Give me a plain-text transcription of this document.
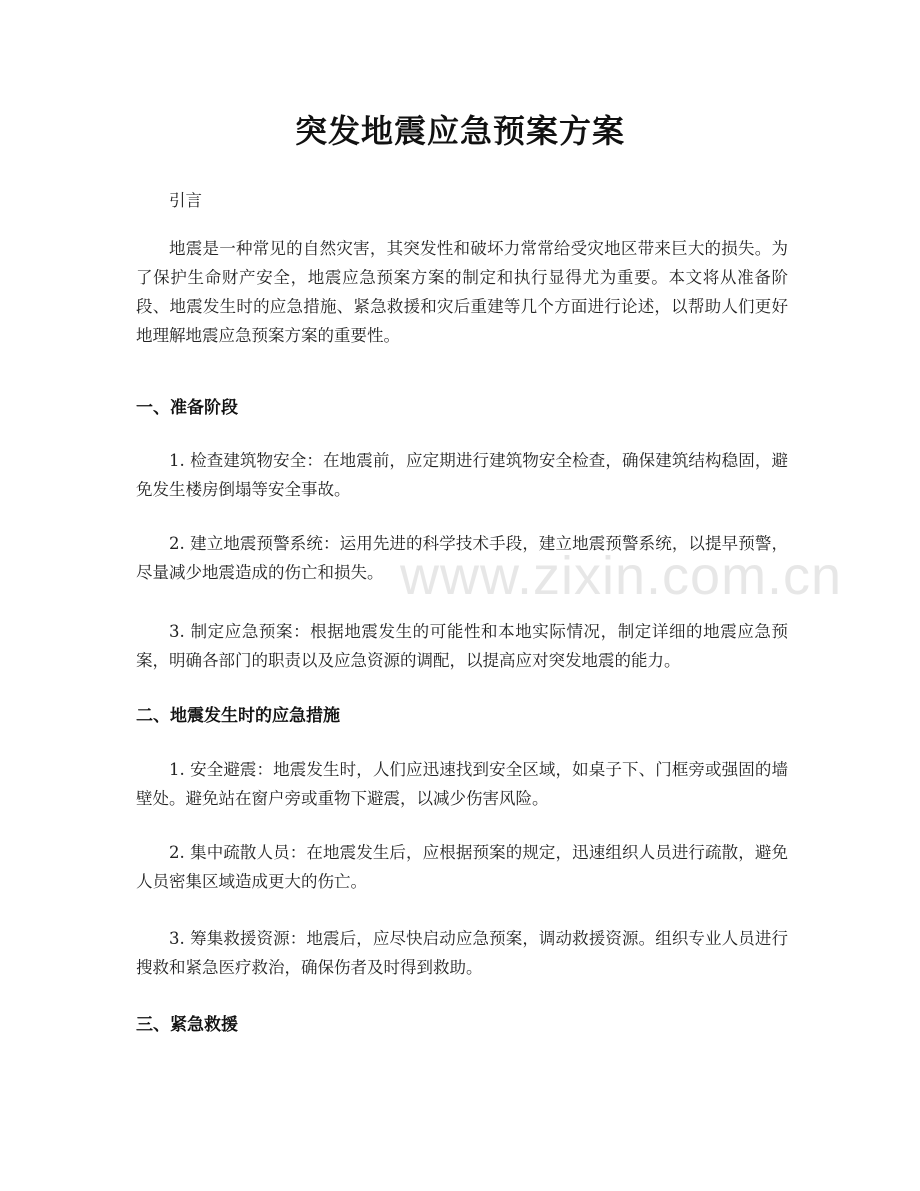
突发地震应急预案方案

引言

地震是一种常见的自然灾害，其突发性和破坏力常常给受灾地区带来巨大的损失。为了保护生命财产安全，地震应急预案方案的制定和执行显得尤为重要。本文将从准备阶段、地震发生时的应急措施、紧急救援和灾后重建等几个方面进行论述，以帮助人们更好地理解地震应急预案方案的重要性。

一、准备阶段

1. 检查建筑物安全：在地震前，应定期进行建筑物安全检查，确保建筑结构稳固，避免发生楼房倒塌等安全事故。

2. 建立地震预警系统：运用先进的科学技术手段，建立地震预警系统，以提早预警，尽量减少地震造成的伤亡和损失。

3. 制定应急预案：根据地震发生的可能性和本地实际情况，制定详细的地震应急预案，明确各部门的职责以及应急资源的调配，以提高应对突发地震的能力。

二、地震发生时的应急措施

1. 安全避震：地震发生时，人们应迅速找到安全区域，如桌子下、门框旁或强固的墙壁处。避免站在窗户旁或重物下避震，以减少伤害风险。

2. 集中疏散人员：在地震发生后，应根据预案的规定，迅速组织人员进行疏散，避免人员密集区域造成更大的伤亡。

3. 筹集救援资源：地震后，应尽快启动应急预案，调动救援资源。组织专业人员进行搜救和紧急医疗救治，确保伤者及时得到救助。

三、紧急救援
www.zixin.com.cn
